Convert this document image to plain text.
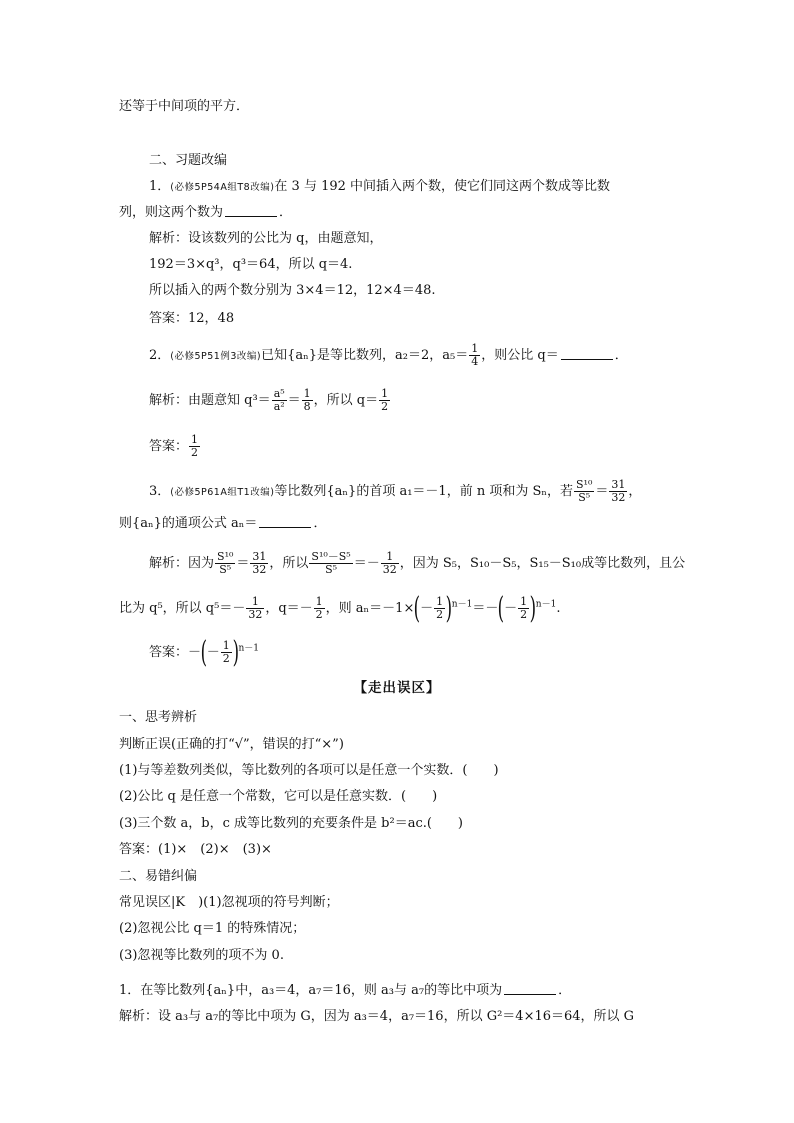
还等于中间项的平方．
二、习题改编
1．(必修5P54A组T8改编)在 3 与 192 中间插入两个数，使它们同这两个数成等比数
列，则这两个数为	．
解析：设该数列的公比为 q，由题意知，
192＝3×q³，q³＝64，所以 q＝4.
所以插入的两个数分别为 3×4＝12，12×4＝48.
答案：12，48
2．(必修5P51例3改编)已知{aₙ}是等比数列，a₂＝2，$a_5= \frac{1}{4}$ ，则公比 q＝	．
解析：由题意知 $q^3= \frac{\text{a⁵}}{\text{a²}} = \frac{1}{8}$ ，所以 $q= \frac{1}{2}$
答案： $\frac{1}{2}$
3．(必修5P61A组T1改编)等比数列{aₙ}的首项 a₁＝－1，前 n 项和为 Sₙ，若 $\frac{\text{S¹⁰}}{\text{S⁵}} = \frac{31}{32}$ ，
则{aₙ}的通项公式 aₙ＝	．
解析：因为 $\frac{\text{S¹⁰}}{\text{S⁵}} = \frac{31}{32}$ ，所以 $\frac{\text{S¹⁰－S⁵}}{\text{S⁵}} =- \frac{1}{32}$ ，因为 S₅，S₁₀－S₅，S₁₅－S₁₀成等比数列，且公
比为 q⁵，所以 $q^5=- \frac{1}{32}$ ，$q=- \frac{1}{2}$ ，则 $a_n=-1\times(- \frac{1}{2} )^{n-1}=-(- \frac{1}{2} )^{n-1}$.
答案：－(－ $\frac{1}{2} )^{n-1}$
【走出误区】
一、思考辨析
判断正误(正确的打“√”，错误的打“×”)
(1)与等差数列类似，等比数列的各项可以是任意一个实数．(　　)
(2)公比 q 是任意一个常数，它可以是任意实数．(　　)
(3)三个数 a，b，c 成等比数列的充要条件是 b²＝ac.(　　)
答案：(1)×　(2)×　(3)×
二、易错纠偏
常见误区|K　)(1)忽视项的符号判断；
(2)忽视公比 q＝1 的特殊情况；
(3)忽视等比数列的项不为 0.
1．在等比数列{aₙ}中，a₃＝4，a₇＝16，则 a₃与 a₇的等比中项为	．
解析：设 a₃与 a₇的等比中项为 G，因为 a₃＝4，a₇＝16，所以 G²＝4×16＝64，所以 G
